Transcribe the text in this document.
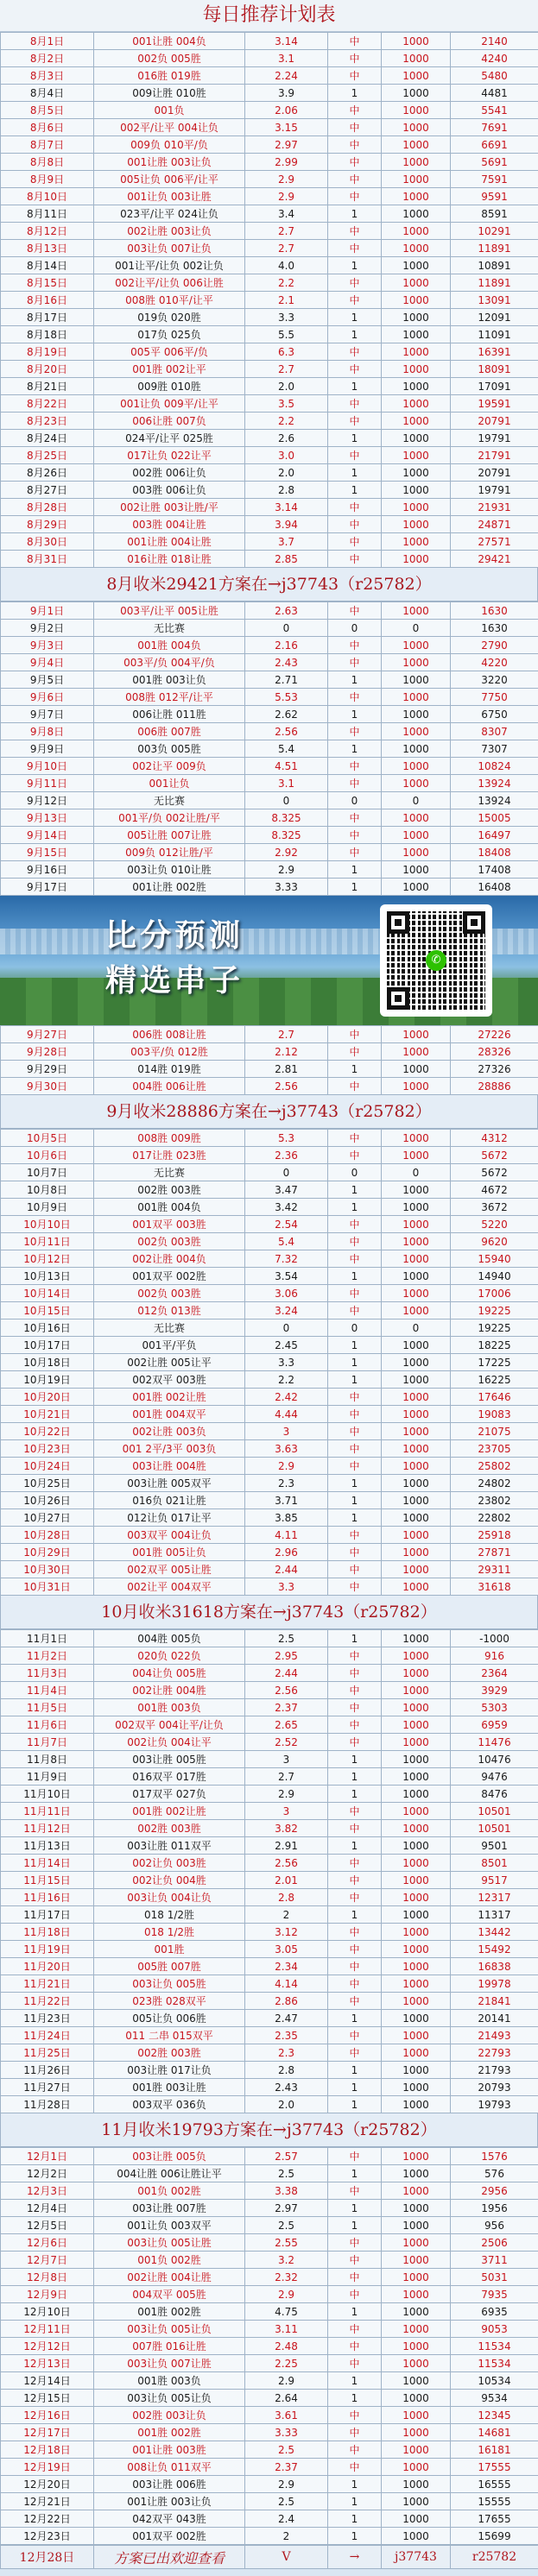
每日推荐计划表
8月1日	001让胜 004负	3.14	中	1000	2140
8月2日	002负 005胜	3.1	中	1000	4240
8月3日	016胜 019胜	2.24	中	1000	5480
8月4日	009让胜 010胜	3.9	1	1000	4481
8月5日	001负	2.06	中	1000	5541
8月6日	002平/让平 004让负	3.15	中	1000	7691
8月7日	009负 010平/负	2.97	中	1000	6691
8月8日	001让胜 003让负	2.99	中	1000	5691
8月9日	005让负 006平/让平	2.9	中	1000	7591
8月10日	001让负 003让胜	2.9	中	1000	9591
8月11日	023平/让平 024让负	3.4	1	1000	8591
8月12日	002让胜 003让负	2.7	中	1000	10291
8月13日	003让负 007让负	2.7	中	1000	11891
8月14日	001让平/让负 002让负	4.0	1	1000	10891
8月15日	002让平/让负 006让胜	2.2	中	1000	11891
8月16日	008胜 010平/让平	2.1	中	1000	13091
8月17日	019负 020胜	3.3	1	1000	12091
8月18日	017负 025负	5.5	1	1000	11091
8月19日	005平 006平/负	6.3	中	1000	16391
8月20日	001胜 002让平	2.7	中	1000	18091
8月21日	009胜 010胜	2.0	1	1000	17091
8月22日	001让负 009平/让平	3.5	中	1000	19591
8月23日	006让胜 007负	2.2	中	1000	20791
8月24日	024平/让平 025胜	2.6	1	1000	19791
8月25日	017让负 022让平	3.0	中	1000	21791
8月26日	002胜 006让负	2.0	1	1000	20791
8月27日	003胜 006让负	2.8	1	1000	19791
8月28日	002让胜 003让胜/平	3.14	中	1000	21931
8月29日	003胜 004让胜	3.94	中	1000	24871
8月30日	001让胜 004让胜	3.7	中	1000	27571
8月31日	016让胜 018让胜	2.85	中	1000	29421
8月收米29421方案在→j37743（r25782）
9月1日	003平/让平 005让胜	2.63	中	1000	1630
9月2日	无比赛	0	0	0	1630
9月3日	001胜 004负	2.16	中	1000	2790
9月4日	003平/负 004平/负	2.43	中	1000	4220
9月5日	001胜 003让负	2.71	1	1000	3220
9月6日	008胜 012平/让平	5.53	中	1000	7750
9月7日	006让胜 011胜	2.62	1	1000	6750
9月8日	006胜 007胜	2.56	中	1000	8307
9月9日	003负 005胜	5.4	1	1000	7307
9月10日	002让平 009负	4.51	中	1000	10824
9月11日	001让负	3.1	中	1000	13924
9月12日	无比赛	0	0	0	13924
9月13日	001平/负 002让胜/平	8.325	中	1000	15005
9月14日	005让胜 007让胜	8.325	中	1000	16497
9月15日	009负 012让胜/平	2.92	中	1000	18408
9月16日	003让负 010让胜	2.9	1	1000	17408
9月17日	001让胜 002胜	3.33	1	1000	16408
比分预测
精选串子
✆
9月27日	006胜 008让胜	2.7	中	1000	27226
9月28日	003平/负 012胜	2.12	中	1000	28326
9月29日	014胜 019胜	2.81	1	1000	27326
9月30日	004胜 006让胜	2.56	中	1000	28886
9月收米28886方案在→j37743（r25782）
10月5日	008胜 009胜	5.3	中	1000	4312
10月6日	017让胜 023胜	2.36	中	1000	5672
10月7日	无比赛	0	0	0	5672
10月8日	002胜 003胜	3.47	1	1000	4672
10月9日	001胜 004负	3.42	1	1000	3672
10月10日	001双平 003胜	2.54	中	1000	5220
10月11日	002负 003胜	5.4	中	1000	9620
10月12日	002让胜 004负	7.32	中	1000	15940
10月13日	001双平 002胜	3.54	1	1000	14940
10月14日	002负 003胜	3.06	中	1000	17006
10月15日	012负 013胜	3.24	中	1000	19225
10月16日	无比赛	0	0	0	19225
10月17日	001平/平负	2.45	1	1000	18225
10月18日	002让胜 005让平	3.3	1	1000	17225
10月19日	002双平 003胜	2.2	1	1000	16225
10月20日	001胜 002让胜	2.42	中	1000	17646
10月21日	001胜 004双平	4.44	中	1000	19083
10月22日	002让胜 003负	3	中	1000	21075
10月23日	001 2平/3平 003负	3.63	中	1000	23705
10月24日	003让胜 004胜	2.9	中	1000	25802
10月25日	003让胜 005双平	2.3	1	1000	24802
10月26日	016负 021让胜	3.71	1	1000	23802
10月27日	012让负 017让平	3.85	1	1000	22802
10月28日	003双平 004让负	4.11	中	1000	25918
10月29日	001胜 005让负	2.96	中	1000	27871
10月30日	002双平 005让胜	2.44	中	1000	29311
10月31日	002让平 004双平	3.3	中	1000	31618
10月收米31618方案在→j37743（r25782）
11月1日	004胜 005负	2.5	1	1000	-1000
11月2日	020负 022负	2.95	中	1000	916
11月3日	004让负 005胜	2.44	中	1000	2364
11月4日	002让胜 004胜	2.56	中	1000	3929
11月5日	001胜 003负	2.37	中	1000	5303
11月6日	002双平 004让平/让负	2.65	中	1000	6959
11月7日	002让负 004让平	2.52	中	1000	11476
11月8日	003让胜 005胜	3	1	1000	10476
11月9日	016双平 017胜	2.7	1	1000	9476
11月10日	017双平 027负	2.9	1	1000	8476
11月11日	001胜 002让胜	3	中	1000	10501
11月12日	002胜 003胜	3.82	中	1000	10501
11月13日	003让胜 011双平	2.91	1	1000	9501
11月14日	002让负 003胜	2.56	中	1000	8501
11月15日	002让负 004胜	2.01	中	1000	9517
11月16日	003让负 004让负	2.8	中	1000	12317
11月17日	018 1/2胜	2	1	1000	11317
11月18日	018 1/2胜	3.12	中	1000	13442
11月19日	001胜	3.05	中	1000	15492
11月20日	005胜 007胜	2.34	中	1000	16838
11月21日	003让负 005胜	4.14	中	1000	19978
11月22日	023胜 028双平	2.86	中	1000	21841
11月23日	005让负 006胜	2.47	1	1000	20141
11月24日	011 二串 015双平	2.35	中	1000	21493
11月25日	002胜 003胜	2.3	中	1000	22793
11月26日	003让胜 017让负	2.8	1	1000	21793
11月27日	001胜 003让胜	2.43	1	1000	20793
11月28日	003双平 036负	2.0	1	1000	19793
11月收米19793方案在→j37743（r25782）
12月1日	003让胜 005负	2.57	中	1000	1576
12月2日	004让胜 006让胜让平	2.5	1	1000	576
12月3日	001负 002胜	3.38	中	1000	2956
12月4日	003让胜 007胜	2.97	1	1000	1956
12月5日	001让负 003双平	2.5	1	1000	956
12月6日	003让负 005让胜	2.55	中	1000	2506
12月7日	001负 002胜	3.2	中	1000	3711
12月8日	002让胜 004让胜	2.32	中	1000	5031
12月9日	004双平 005胜	2.9	中	1000	7935
12月10日	001胜 002胜	4.75	1	1000	6935
12月11日	003让负 005让负	3.11	中	1000	9053
12月12日	007胜 016让胜	2.48	中	1000	11534
12月13日	003让负 007让胜	2.25	中	1000	11534
12月14日	001胜 003负	2.9	1	1000	10534
12月15日	003让负 005让负	2.64	1	1000	9534
12月16日	002胜 003让负	3.61	中	1000	12345
12月17日	001胜 002胜	3.33	中	1000	14681
12月18日	001让胜 003胜	2.5	中	1000	16181
12月19日	008让负 011双平	2.37	中	1000	17555
12月20日	003让胜 006胜	2.9	1	1000	16555
12月21日	001让胜 003让负	2.5	1	1000	15555
12月22日	042双平 043胜	2.4	1	1000	17655
12月23日	001双平 002胜	2	1	1000	15699
12月28日	方案已出欢迎查看	V	→	j37743	r25782
